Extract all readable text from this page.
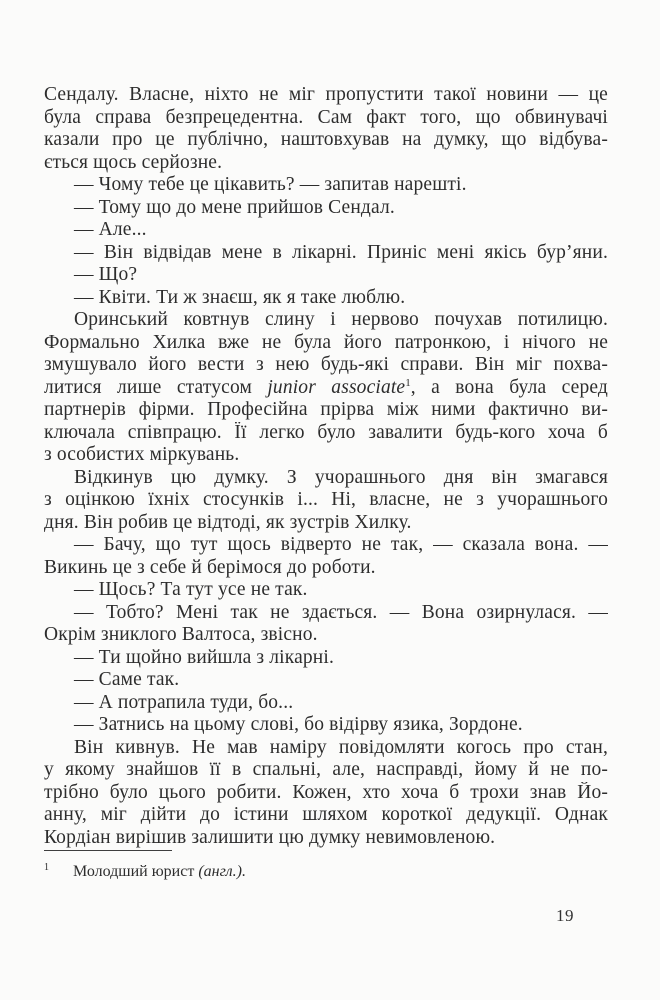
Сендалу. Власне, ніхто не міг пропустити такої новини — це
була справа безпрецедентна. Сам факт того, що обвинувачі
казали про це публічно, наштовхував на думку, що відбува-
ється щось серйозне.
— Чому тебе це цікавить? — запитав нарешті.
— Тому що до мене прийшов Сендал.
— Але...
— Він відвідав мене в лікарні. Приніс мені якісь бур’яни.
— Що?
— Квіти. Ти ж знаєш, як я таке люблю.
Оринський ковтнув слину і нервово почухав потилицю.
Формально Хилка вже не була його патронкою, і нічого не
змушувало його вести з нею будь-які справи. Він міг похва-
литися лише статусом junior associate$^1$, а вона була серед
партнерів фірми. Професійна прірва між ними фактично ви-
ключала співпрацю. Її легко було завалити будь-кого хоча б
з особистих міркувань.
Відкинув цю думку. З учорашнього дня він змагався
з оцінкою їхніх стосунків і... Ні, власне, не з учорашнього
дня. Він робив це відтоді, як зустрів Хилку.
— Бачу, що тут щось відверто не так, — сказала вона. —
Викинь це з себе й берімося до роботи.
— Щось? Та тут усе не так.
— Тобто? Мені так не здається. — Вона озирнулася. —
Окрім зниклого Валтоса, звісно.
— Ти щойно вийшла з лікарні.
— Саме так.
— А потрапила туди, бо...
— Затнись на цьому слові, бо відірву язика, Зордоне.
Він кивнув. Не мав наміру повідомляти когось про стан,
у якому знайшов її в спальні, але, насправді, йому й не по-
трібно було цього робити. Кожен, хто хоча б трохи знав Йо-
анну, міг дійти до істини шляхом короткої дедукції. Однак
Кордіан вирішив залишити цю думку невимовленою.
$^1$ Молодший юрист (англ.).
19
